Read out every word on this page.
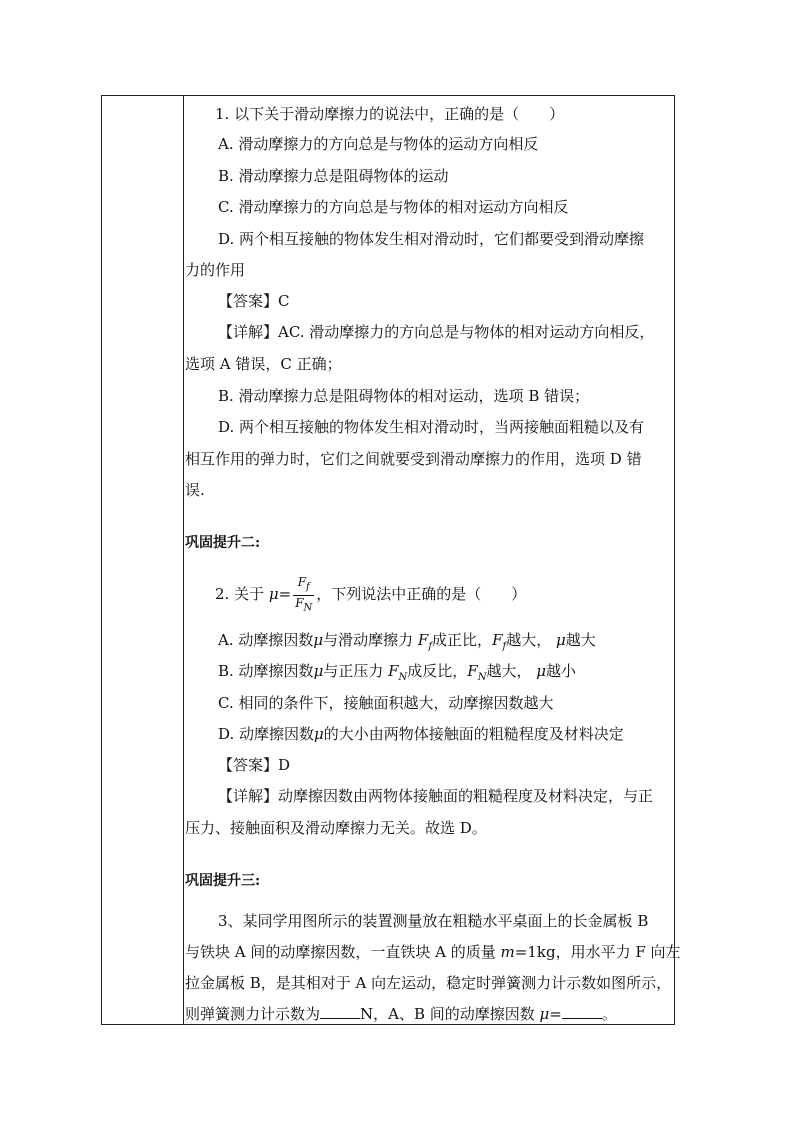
1. 以下关于滑动摩擦力的说法中，正确的是（　　）
A. 滑动摩擦力的方向总是与物体的运动方向相反
B. 滑动摩擦力总是阻碍物体的运动
C. 滑动摩擦力的方向总是与物体的相对运动方向相反
D. 两个相互接触的物体发生相对滑动时，它们都要受到滑动摩擦
力的作用
【答案】C
【详解】AC. 滑动摩擦力的方向总是与物体的相对运动方向相反，
选项 A 错误，C 正确；
B. 滑动摩擦力总是阻碍物体的相对运动，选项 B 错误；
D. 两个相互接触的物体发生相对滑动时，当两接触面粗糙以及有
相互作用的弹力时，它们之间就要受到滑动摩擦力的作用，选项 D 错
误.
巩固提升二:
2. 关于 $\mu= \frac{F_f}{F_N}$ ，下列说法中正确的是（　　）
A. 动摩擦因数μ与滑动摩擦力 $F_f$成正比，$F_f$越大， μ越大
B. 动摩擦因数μ与正压力 $F_N$成反比，$F_N$越大， μ越小
C. 相同的条件下，接触面积越大，动摩擦因数越大
D. 动摩擦因数μ的大小由两物体接触面的粗糙程度及材料决定
【答案】D
【详解】动摩擦因数由两物体接触面的粗糙程度及材料决定，与正
压力、接触面积及滑动摩擦力无关。故选 D。
巩固提升三:
3、某同学用图所示的装置测量放在粗糙水平桌面上的长金属板 B
与铁块 A 间的动摩擦因数，一直铁块 A 的质量 m=1kg，用水平力 F 向左
拉金属板 B，是其相对于 A 向左运动，稳定时弹簧测力计示数如图所示，
则弹簧测力计示数为	N，A、B 间的动摩擦因数 μ=	。
